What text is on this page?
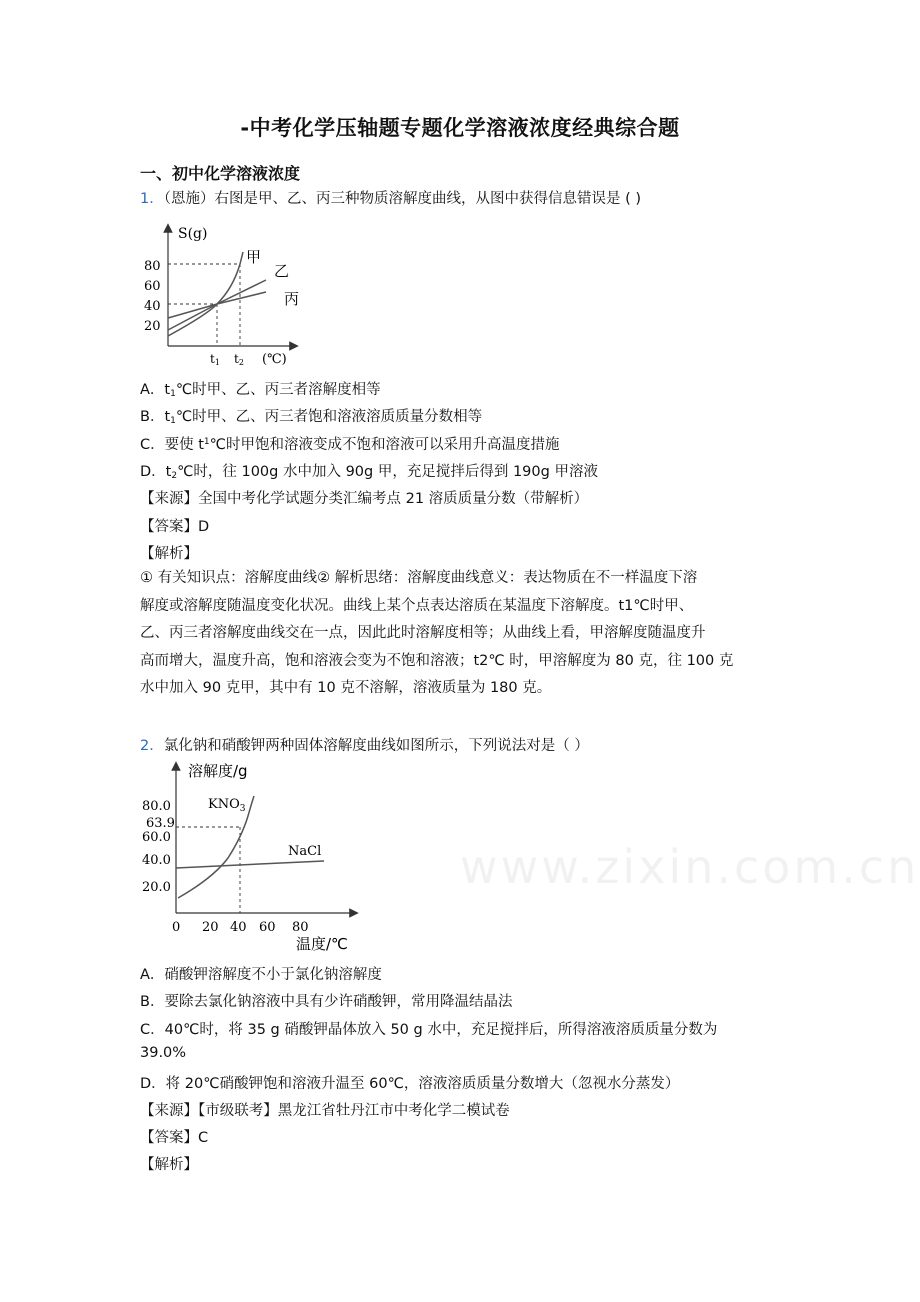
-中考化学压轴题专题化学溶液浓度经典综合题
一、初中化学溶液浓度
1．（恩施）右图是甲、乙、丙三种物质溶解度曲线，从图中获得信息错误是 ( )
S(g)
80
60
40
20
甲
乙
丙
t1 t2 (℃)
A．$t_1℃$时甲、乙、丙三者溶解度相等
B．$t_1℃$时甲、乙、丙三者饱和溶液溶质质量分数相等
C．要使 $t^1℃$时甲饱和溶液变成不饱和溶液可以采用升高温度措施
D．$t_2℃$时，往 100g 水中加入 90g 甲，充足搅拌后得到 190g 甲溶液
【来源】全国中考化学试题分类汇编考点 21 溶质质量分数（带解析）
【答案】D
【解析】
① 有关知识点：溶解度曲线② 解析思绪：溶解度曲线意义：表达物质在不一样温度下溶
解度或溶解度随温度变化状况。曲线上某个点表达溶质在某温度下溶解度。t1℃时甲、
乙、丙三者溶解度曲线交在一点，因此此时溶解度相等；从曲线上看，甲溶解度随温度升
高而增大，温度升高，饱和溶液会变为不饱和溶液；t2℃ 时，甲溶解度为 80 克，往 100 克
水中加入 90 克甲，其中有 10 克不溶解，溶液质量为 180 克。
2．氯化钠和硝酸钾两种固体溶解度曲线如图所示，下列说法对是（ ）
溶解度/g
80.0
63.9
60.0
40.0
20.0
$KNO_3$
NaCl
0 20 40 60 80
温度/℃
A．硝酸钾溶解度不小于氯化钠溶解度
B．要除去氯化钠溶液中具有少许硝酸钾，常用降温结晶法
C．40℃时，将 35 g 硝酸钾晶体放入 50 g 水中，充足搅拌后，所得溶液溶质质量分数为
39.0%
D．将 20℃硝酸钾饱和溶液升温至 60℃，溶液溶质质量分数增大（忽视水分蒸发）
【来源】【市级联考】黑龙江省牡丹江市中考化学二模试卷
【答案】C
【解析】
www.zixin.com.cn
